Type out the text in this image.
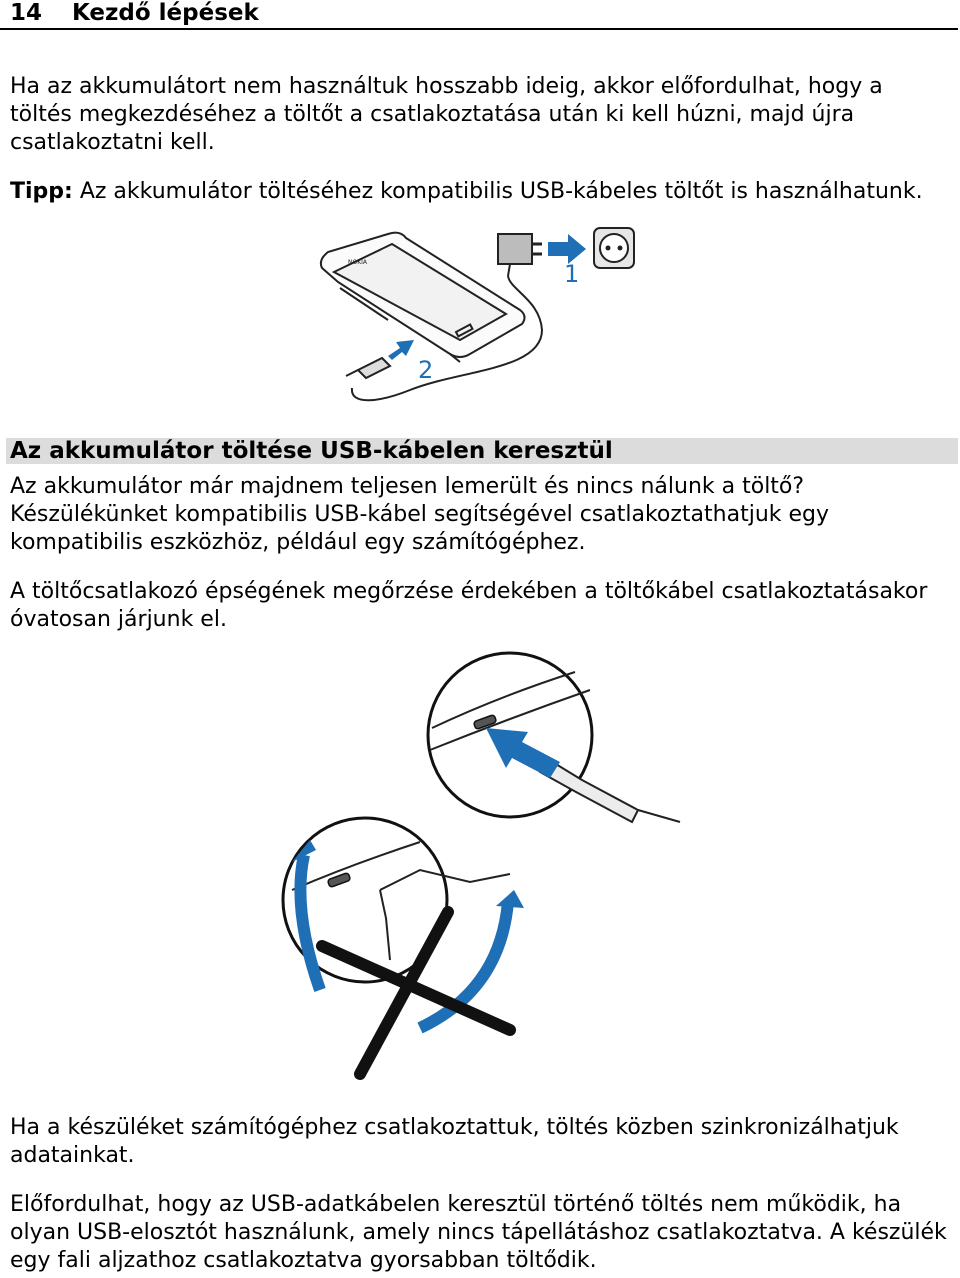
14 Kezdő lépések

Ha az akkumulátort nem használtuk hosszabb ideig, akkor előfordulhat, hogy a töltés megkezdéséhez a töltőt a csatlakoztatása után ki kell húzni, majd újra csatlakoztatni kell.

Tipp: Az akkumulátor töltéséhez kompatibilis USB-kábeles töltőt is használhatunk.

NOKIA	1
2
Az akkumulátor töltése USB-kábelen keresztül

Az akkumulátor már majdnem teljesen lemerült és nincs nálunk a töltő? Készülékünket kompatibilis USB-kábel segítségével csatlakoztathatjuk egy kompatibilis eszközhöz, például egy számítógéphez.

A töltőcsatlakozó épségének megőrzése érdekében a töltőkábel csatlakoztatásakor óvatosan járjunk el.

Ha a készüléket számítógéphez csatlakoztattuk, töltés közben szinkronizálhatjuk adatainkat.

Előfordulhat, hogy az USB-adatkábelen keresztül történő töltés nem működik, ha olyan USB-elosztót használunk, amely nincs tápellátáshoz csatlakoztatva. A készülék egy fali aljzathoz csatlakoztatva gyorsabban töltődik.
